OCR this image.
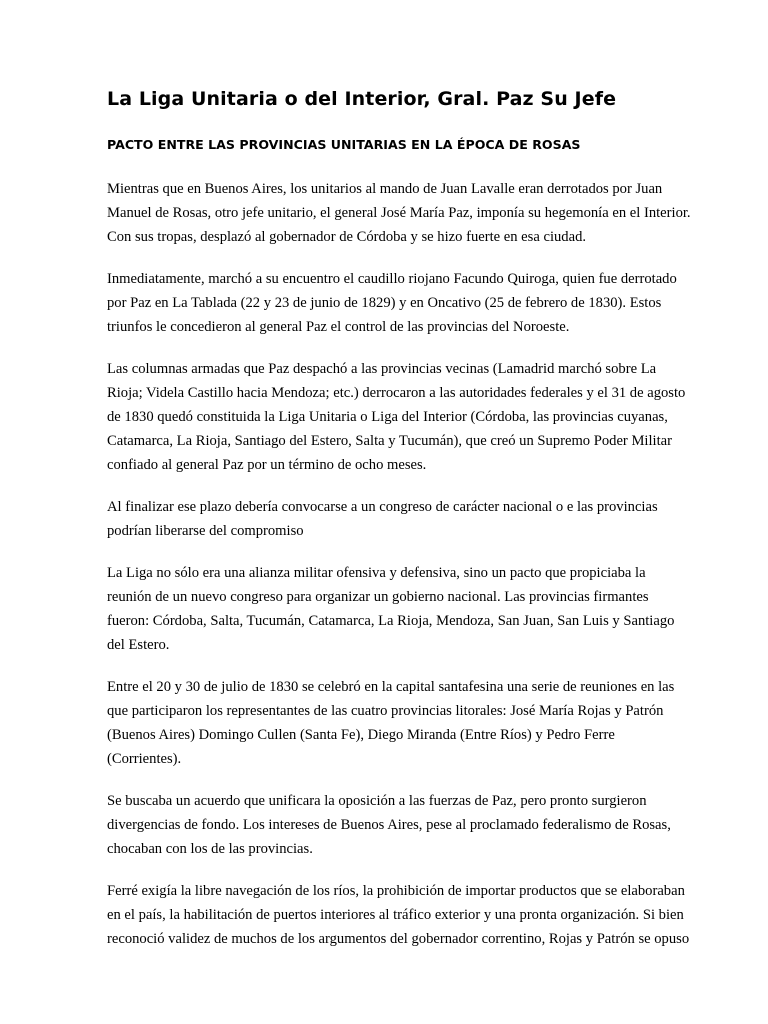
La Liga Unitaria o del Interior, Gral. Paz Su Jefe
PACTO ENTRE LAS PROVINCIAS UNITARIAS EN LA ÉPOCA DE ROSAS

Mientras que en Buenos Aires, los unitarios al mando de Juan Lavalle eran derrotados por Juan
Manuel de Rosas, otro jefe unitario, el general José María Paz, imponía su hegemonía en el Interior.
Con sus tropas, desplazó al gobernador de Córdoba y se hizo fuerte en esa ciudad.

Inmediatamente, marchó a su encuentro el caudillo riojano Facundo Quiroga, quien fue derrotado
por Paz en La Tablada (22 y 23 de junio de 1829) y en Oncativo (25 de febrero de 1830). Estos
triunfos le concedieron al general Paz el control de las provincias del Noroeste.

Las columnas armadas que Paz despachó a las provincias vecinas (Lamadrid marchó sobre La
Rioja; Videla Castillo hacia Mendoza; etc.) derrocaron a las autoridades federales y el 31 de agosto
de 1830 quedó constituida la Liga Unitaria o Liga del Interior (Córdoba, las provincias cuyanas,
Catamarca, La Rioja, Santiago del Estero, Salta y Tucumán), que creó un Supremo Poder Militar
confiado al general Paz por un término de ocho meses.

Al finalizar ese plazo debería convocarse a un congreso de carácter nacional o e las provincias
podrían liberarse del compromiso

La Liga no sólo era una alianza militar ofensiva y defensiva, sino un pacto que propiciaba la
reunión de un nuevo congreso para organizar un gobierno nacional. Las provincias firmantes
fueron: Córdoba, Salta, Tucumán, Catamarca, La Rioja, Mendoza, San Juan, San Luis y Santiago
del Estero.

Entre el 20 y 30 de julio de 1830 se celebró en la capital santafesina una serie de reuniones en las
que participaron los representantes de las cuatro provincias litorales: José María Rojas y Patrón
(Buenos Aires) Domingo Cullen (Santa Fe), Diego Miranda (Entre Ríos) y Pedro Ferre
(Corrientes).

Se buscaba un acuerdo que unificara la oposición a las fuerzas de Paz, pero pronto surgieron
divergencias de fondo. Los intereses de Buenos Aires, pese al proclamado federalismo de Rosas,
chocaban con los de las provincias.

Ferré exigía la libre navegación de los ríos, la prohibición de importar productos que se elaboraban
en el país, la habilitación de puertos interiores al tráfico exterior y una pronta organización. Si bien
reconoció validez de muchos de los argumentos del gobernador correntino, Rojas y Patrón se opuso
